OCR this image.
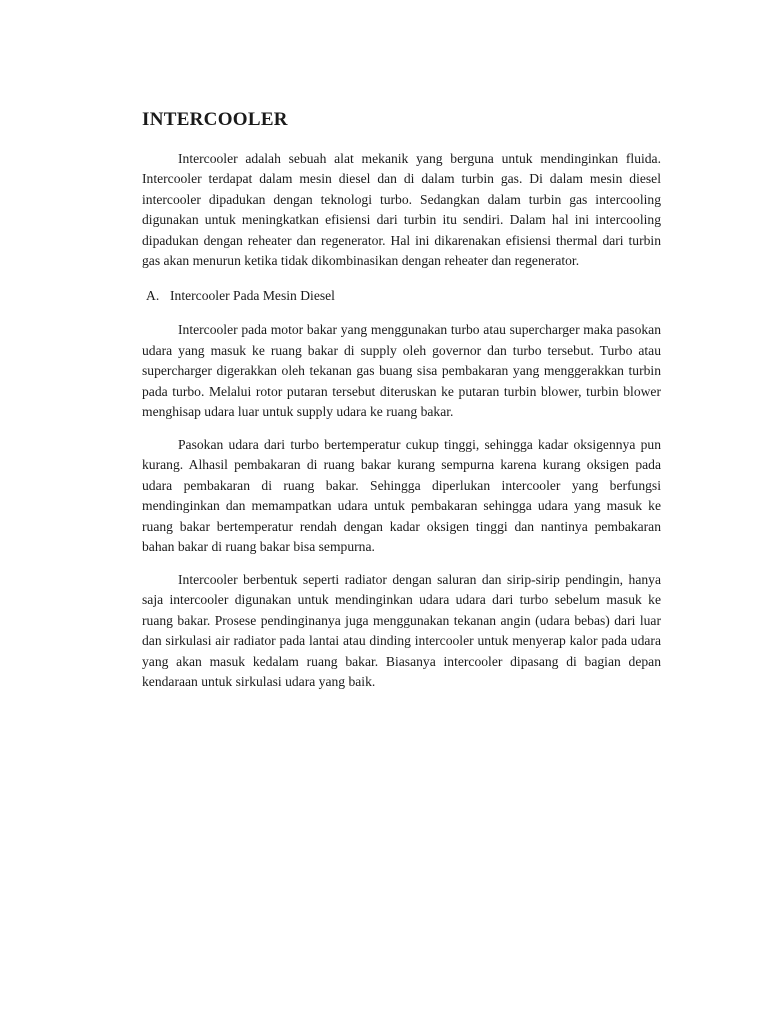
INTERCOOLER

Intercooler adalah sebuah alat mekanik yang berguna untuk mendinginkan fluida. Intercooler terdapat dalam mesin diesel dan di dalam turbin gas. Di dalam mesin diesel intercooler dipadukan dengan teknologi turbo. Sedangkan dalam turbin gas intercooling digunakan untuk meningkatkan efisiensi dari turbin itu sendiri. Dalam hal ini intercooling dipadukan dengan reheater dan regenerator. Hal ini dikarenakan efisiensi thermal dari turbin gas akan menurun ketika tidak dikombinasikan dengan reheater dan regenerator.

A. Intercooler Pada Mesin Diesel

Intercooler pada motor bakar yang menggunakan turbo atau supercharger maka pasokan udara yang masuk ke ruang bakar di supply oleh governor dan turbo tersebut. Turbo atau supercharger digerakkan oleh tekanan gas buang sisa pembakaran yang menggerakkan turbin pada turbo. Melalui rotor putaran tersebut diteruskan ke putaran turbin blower, turbin blower menghisap udara luar untuk supply udara ke ruang bakar.

Pasokan udara dari turbo bertemperatur cukup tinggi, sehingga kadar oksigennya pun kurang. Alhasil pembakaran di ruang bakar kurang sempurna karena kurang oksigen pada udara pembakaran di ruang bakar. Sehingga diperlukan intercooler yang berfungsi mendinginkan dan memampatkan udara untuk pembakaran sehingga udara yang masuk ke ruang bakar bertemperatur rendah dengan kadar oksigen tinggi dan nantinya pembakaran bahan bakar di ruang bakar bisa sempurna.

Intercooler berbentuk seperti radiator dengan saluran dan sirip-sirip pendingin, hanya saja intercooler digunakan untuk mendinginkan udara udara dari turbo sebelum masuk ke ruang bakar. Prosese pendinginanya juga menggunakan tekanan angin (udara bebas) dari luar dan sirkulasi air radiator pada lantai atau dinding intercooler untuk menyerap kalor pada udara yang akan masuk kedalam ruang bakar. Biasanya intercooler dipasang di bagian depan kendaraan untuk sirkulasi udara yang baik.
